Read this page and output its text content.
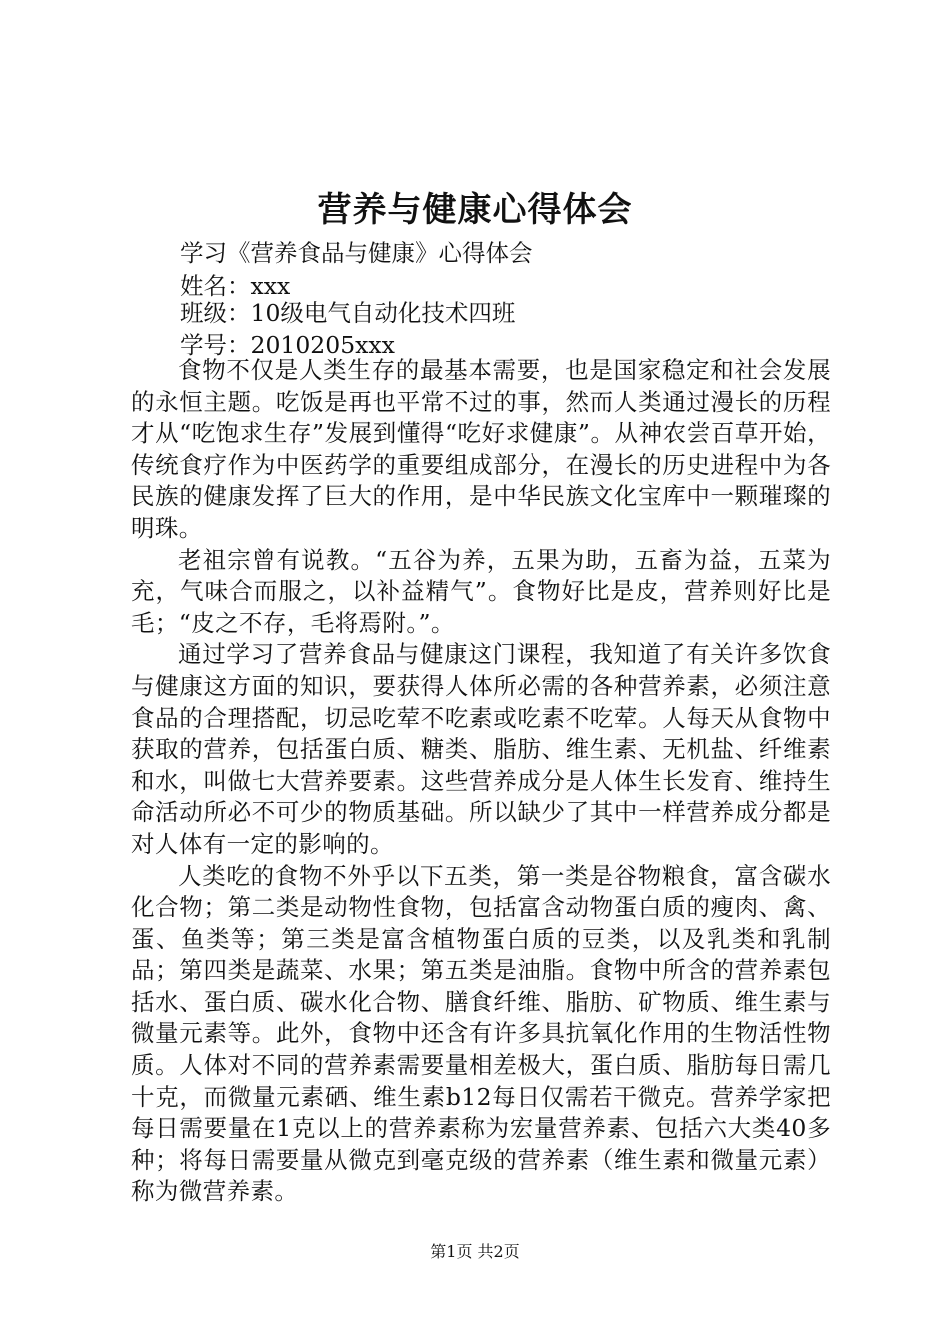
营养与健康心得体会
学习《营养食品与健康》心得体会
姓名：xxx
班级：10级电气自动化技术四班
学号：2010205xxx

食物不仅是人类生存的最基本需要，也是国家稳定和社会发展的永恒主题。吃饭是再也平常不过的事，然而人类通过漫长的历程才从“吃饱求生存”发展到懂得“吃好求健康”。从神农尝百草开始，传统食疗作为中医药学的重要组成部分，在漫长的历史进程中为各民族的健康发挥了巨大的作用，是中华民族文化宝库中一颗璀璨的明珠。

老祖宗曾有说教。“五谷为养，五果为助，五畜为益，五菜为充，气味合而服之，以补益精气”。食物好比是皮，营养则好比是毛；“皮之不存，毛将焉附。”。

通过学习了营养食品与健康这门课程，我知道了有关许多饮食与健康这方面的知识，要获得人体所必需的各种营养素，必须注意食品的合理搭配，切忌吃荤不吃素或吃素不吃荤。人每天从食物中获取的营养，包括蛋白质、糖类、脂肪、维生素、无机盐、纤维素和水，叫做七大营养要素。这些营养成分是人体生长发育、维持生命活动所必不可少的物质基础。所以缺少了其中一样营养成分都是对人体有一定的影响的。

人类吃的食物不外乎以下五类，第一类是谷物粮食，富含碳水化合物；第二类是动物性食物，包括富含动物蛋白质的瘦肉、禽、蛋、鱼类等；第三类是富含植物蛋白质的豆类，以及乳类和乳制品；第四类是蔬菜、水果；第五类是油脂。食物中所含的营养素包括水、蛋白质、碳水化合物、膳食纤维、脂肪、矿物质、维生素与微量元素等。此外，食物中还含有许多具抗氧化作用的生物活性物质。人体对不同的营养素需要量相差极大，蛋白质、脂肪每日需几十克，而微量元素硒、维生素b12每日仅需若干微克。营养学家把每日需要量在1克以上的营养素称为宏量营养素、包括六大类40多种；将每日需要量从微克到毫克级的营养素（维生素和微量元素）称为微营养素。

第1页 共2页
